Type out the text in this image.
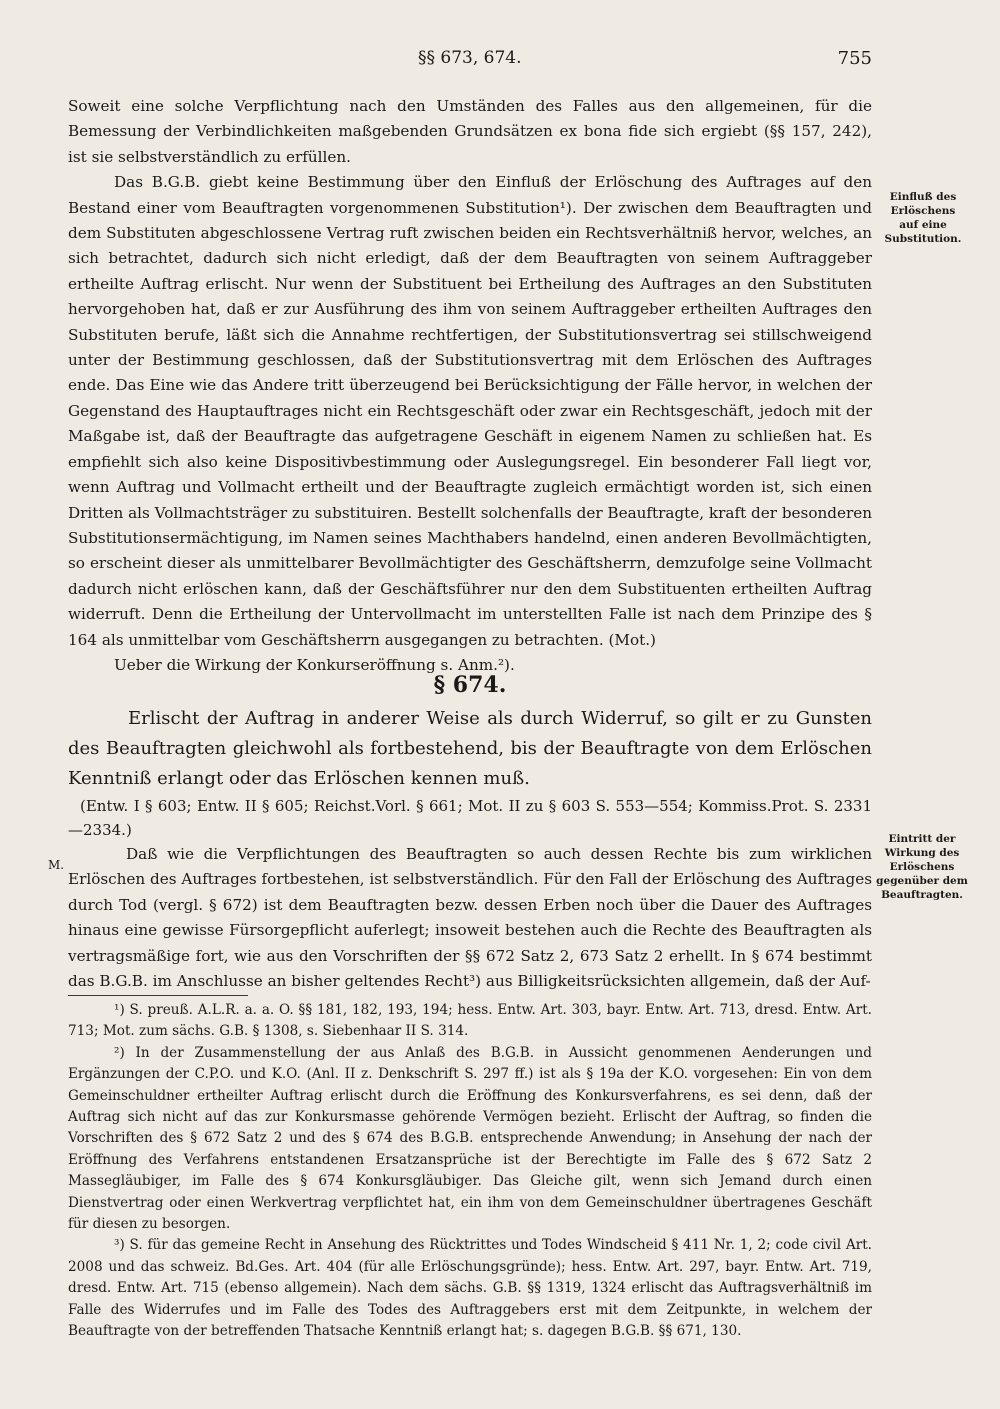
§§ 673, 674.	755

Soweit eine solche Verpflichtung nach den Umständen des Falles aus den allgemeinen, für die Bemessung der Verbindlichkeiten maßgebenden Grundsätzen ex bona fide sich ergiebt (§§ 157, 242), ist sie selbstverständlich zu erfüllen.

Das B.G.B. giebt keine Bestimmung über den Einfluß der Erlöschung des Auftrages auf den Bestand einer vom Beauftragten vorgenommenen Substitution¹). Der zwischen dem Beauftragten und dem Substituten abgeschlossene Vertrag ruft zwischen beiden ein Rechtsverhältniß hervor, welches, an sich betrachtet, dadurch sich nicht erledigt, daß der dem Beauftragten von seinem Auftraggeber ertheilte Auftrag erlischt. Nur wenn der Substituent bei Ertheilung des Auftrages an den Substituten hervorgehoben hat, daß er zur Ausführung des ihm von seinem Auftraggeber ertheilten Auftrages den Substituten berufe, läßt sich die Annahme rechtfertigen, der Substitutionsvertrag sei stillschweigend unter der Bestimmung geschlossen, daß der Substitutionsvertrag mit dem Erlöschen des Auftrages ende. Das Eine wie das Andere tritt überzeugend bei Berücksichtigung der Fälle hervor, in welchen der Gegenstand des Hauptauftrages nicht ein Rechtsgeschäft oder zwar ein Rechtsgeschäft, jedoch mit der Maßgabe ist, daß der Beauftragte das aufgetragene Geschäft in eigenem Namen zu schließen hat. Es empfiehlt sich also keine Dispositivbestimmung oder Auslegungsregel. Ein besonderer Fall liegt vor, wenn Auftrag und Vollmacht ertheilt und der Beauftragte zugleich ermächtigt worden ist, sich einen Dritten als Vollmachtsträger zu substituiren. Bestellt solchenfalls der Beauftragte, kraft der besonderen Substitutionsermächtigung, im Namen seines Machthabers handelnd, einen anderen Bevollmächtigten, so erscheint dieser als unmittelbarer Bevollmächtigter des Geschäftsherrn, demzufolge seine Vollmacht dadurch nicht erlöschen kann, daß der Geschäftsführer nur den dem Substituenten ertheilten Auftrag widerruft. Denn die Ertheilung der Untervollmacht im unterstellten Falle ist nach dem Prinzipe des § 164 als unmittelbar vom Geschäftsherrn ausgegangen zu betrachten. (Mot.)

Ueber die Wirkung der Konkurseröffnung s. Anm.²).

Einfluß des Erlöschens auf eine Substitution.
§ 674.
Erlischt der Auftrag in anderer Weise als durch Widerruf, so gilt er zu Gunsten des Beauftragten gleichwohl als fortbestehend, bis der Beauftragte von dem Erlöschen Kenntniß erlangt oder das Erlöschen kennen muß.
(Entw. I § 603; Entw. II § 605; Reichst.Vorl. § 661; Mot. II zu § 603 S. 553—554; Kommiss.Prot. S. 2331—2334.)
M.

Daß wie die Verpflichtungen des Beauftragten so auch dessen Rechte bis zum wirklichen Erlöschen des Auftrages fortbestehen, ist selbstverständlich. Für den Fall der Erlöschung des Auftrages durch Tod (vergl. § 672) ist dem Beauftragten bezw. dessen Erben noch über die Dauer des Auftrages hinaus eine gewisse Fürsorgepflicht auferlegt; insoweit bestehen auch die Rechte des Beauftragten als vertragsmäßige fort, wie aus den Vorschriften der §§ 672 Satz 2, 673 Satz 2 erhellt. In § 674 bestimmt das B.G.B. im Anschlusse an bisher geltendes Recht³) aus Billigkeitsrücksichten allgemein, daß der Auf-

Eintritt der Wirkung des Erlöschens gegenüber dem Beauftragten.

¹) S. preuß. A.L.R. a. a. O. §§ 181, 182, 193, 194; hess. Entw. Art. 303, bayr. Entw. Art. 713, dresd. Entw. Art. 713; Mot. zum sächs. G.B. § 1308, s. Siebenhaar II S. 314.

²) In der Zusammenstellung der aus Anlaß des B.G.B. in Aussicht genommenen Aenderungen und Ergänzungen der C.P.O. und K.O. (Anl. II z. Denkschrift S. 297 ff.) ist als § 19a der K.O. vorgesehen: Ein von dem Gemeinschuldner ertheilter Auftrag erlischt durch die Eröffnung des Konkursverfahrens, es sei denn, daß der Auftrag sich nicht auf das zur Konkursmasse gehörende Vermögen bezieht. Erlischt der Auftrag, so finden die Vorschriften des § 672 Satz 2 und des § 674 des B.G.B. entsprechende Anwendung; in Ansehung der nach der Eröffnung des Verfahrens entstandenen Ersatzansprüche ist der Berechtigte im Falle des § 672 Satz 2 Massegläubiger, im Falle des § 674 Konkursgläubiger. Das Gleiche gilt, wenn sich Jemand durch einen Dienstvertrag oder einen Werkvertrag verpflichtet hat, ein ihm von dem Gemeinschuldner übertragenes Geschäft für diesen zu besorgen.

³) S. für das gemeine Recht in Ansehung des Rücktrittes und Todes Windscheid § 411 Nr. 1, 2; code civil Art. 2008 und das schweiz. Bd.Ges. Art. 404 (für alle Erlöschungsgründe); hess. Entw. Art. 297, bayr. Entw. Art. 719, dresd. Entw. Art. 715 (ebenso allgemein). Nach dem sächs. G.B. §§ 1319, 1324 erlischt das Auftragsverhältniß im Falle des Widerrufes und im Falle des Todes des Auftraggebers erst mit dem Zeitpunkte, in welchem der Beauftragte von der betreffenden Thatsache Kenntniß erlangt hat; s. dagegen B.G.B. §§ 671, 130.
